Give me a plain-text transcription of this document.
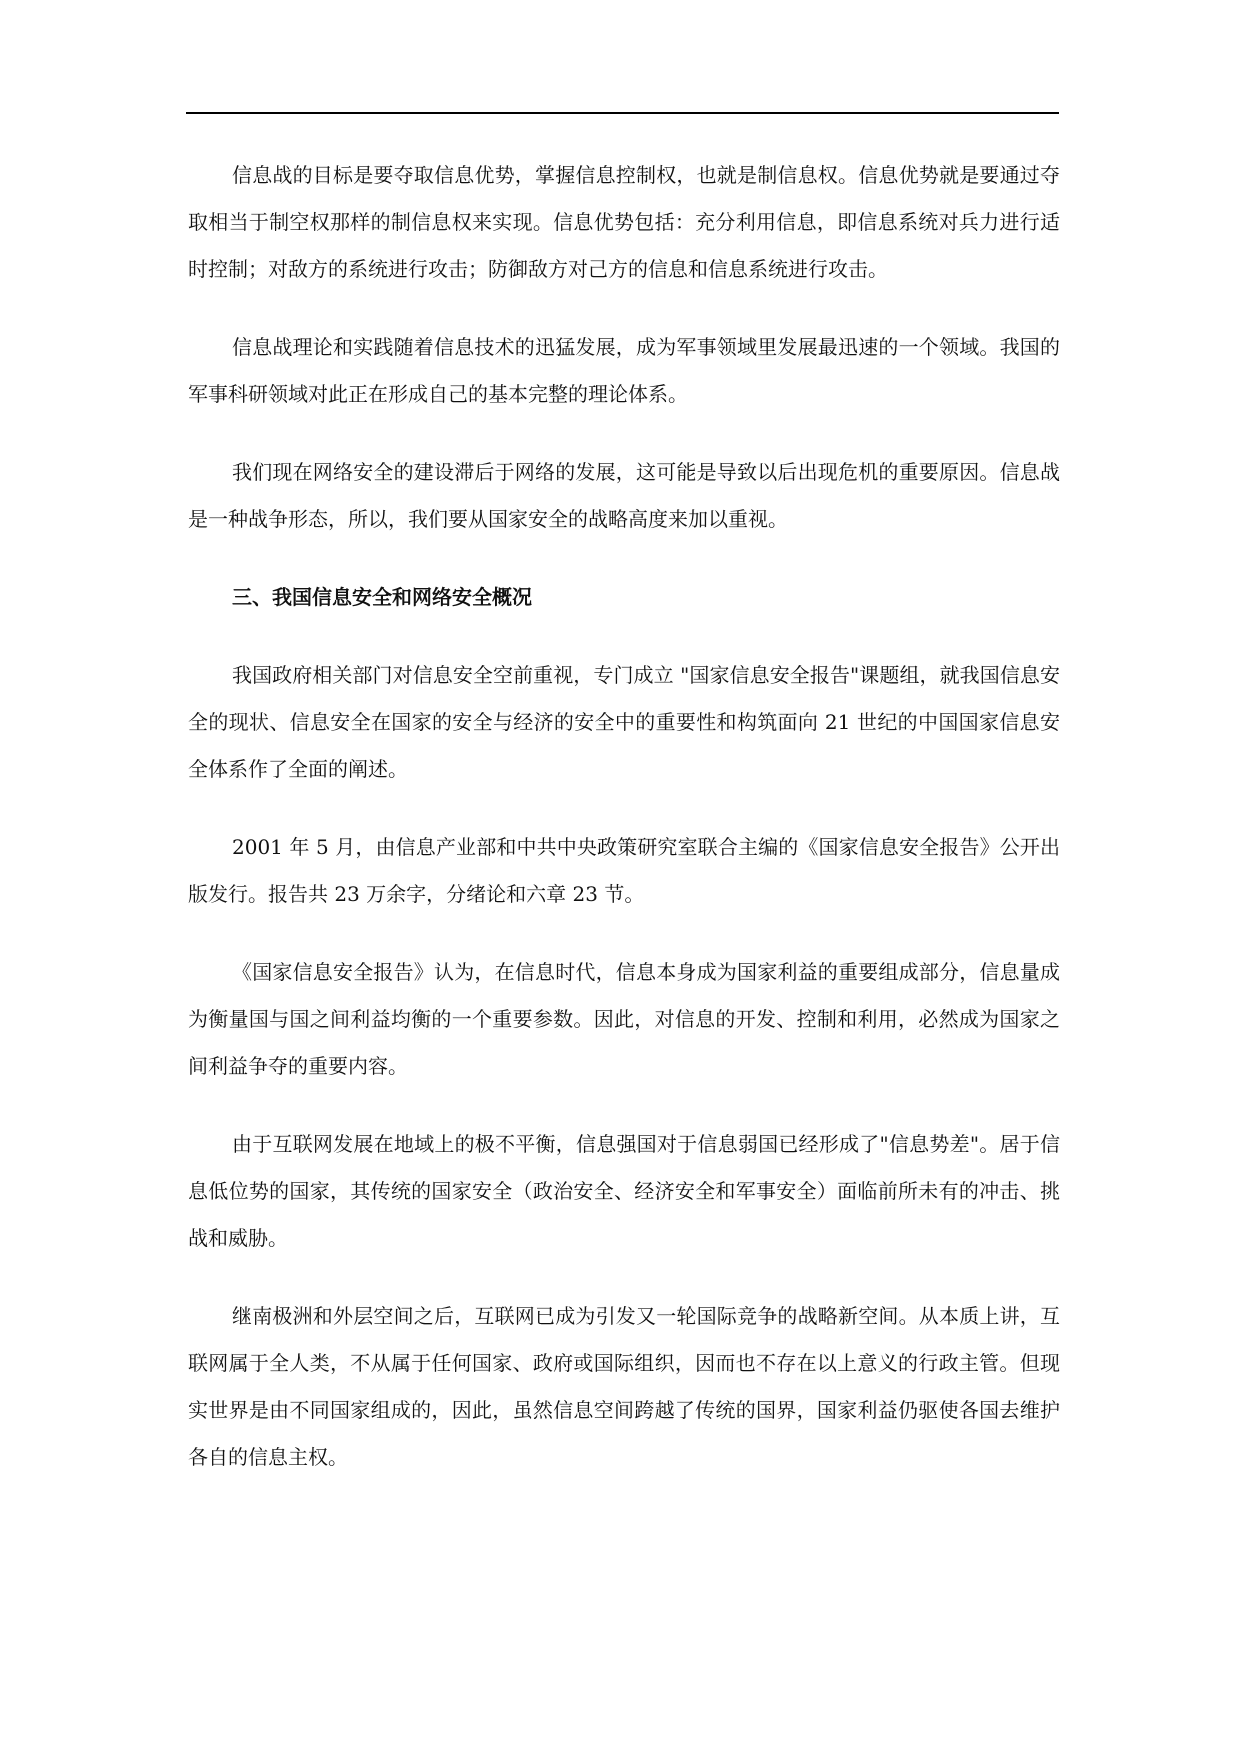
信息战的目标是要夺取信息优势，掌握信息控制权，也就是制信息权。信息优势就是要通过夺取相当于制空权那样的制信息权来实现。信息优势包括：充分利用信息，即信息系统对兵力进行适时控制；对敌方的系统进行攻击；防御敌方对己方的信息和信息系统进行攻击。

信息战理论和实践随着信息技术的迅猛发展，成为军事领域里发展最迅速的一个领域。我国的军事科研领域对此正在形成自己的基本完整的理论体系。

我们现在网络安全的建设滞后于网络的发展，这可能是导致以后出现危机的重要原因。信息战是一种战争形态，所以，我们要从国家安全的战略高度来加以重视。

三、我国信息安全和网络安全概况

我国政府相关部门对信息安全空前重视，专门成立 "国家信息安全报告"课题组，就我国信息安全的现状、信息安全在国家的安全与经济的安全中的重要性和构筑面向 21 世纪的中国国家信息安全体系作了全面的阐述。

2001 年 5 月，由信息产业部和中共中央政策研究室联合主编的《国家信息安全报告》公开出版发行。报告共 23 万余字，分绪论和六章 23 节。

《国家信息安全报告》认为，在信息时代，信息本身成为国家利益的重要组成部分，信息量成为衡量国与国之间利益均衡的一个重要参数。因此，对信息的开发、控制和利用，必然成为国家之间利益争夺的重要内容。

由于互联网发展在地域上的极不平衡，信息强国对于信息弱国已经形成了"信息势差"。居于信息低位势的国家，其传统的国家安全（政治安全、经济安全和军事安全）面临前所未有的冲击、挑战和威胁。

继南极洲和外层空间之后，互联网已成为引发又一轮国际竞争的战略新空间。从本质上讲，互联网属于全人类，不从属于任何国家、政府或国际组织，因而也不存在以上意义的行政主管。但现实世界是由不同国家组成的，因此，虽然信息空间跨越了传统的国界，国家利益仍驱使各国去维护各自的信息主权。
